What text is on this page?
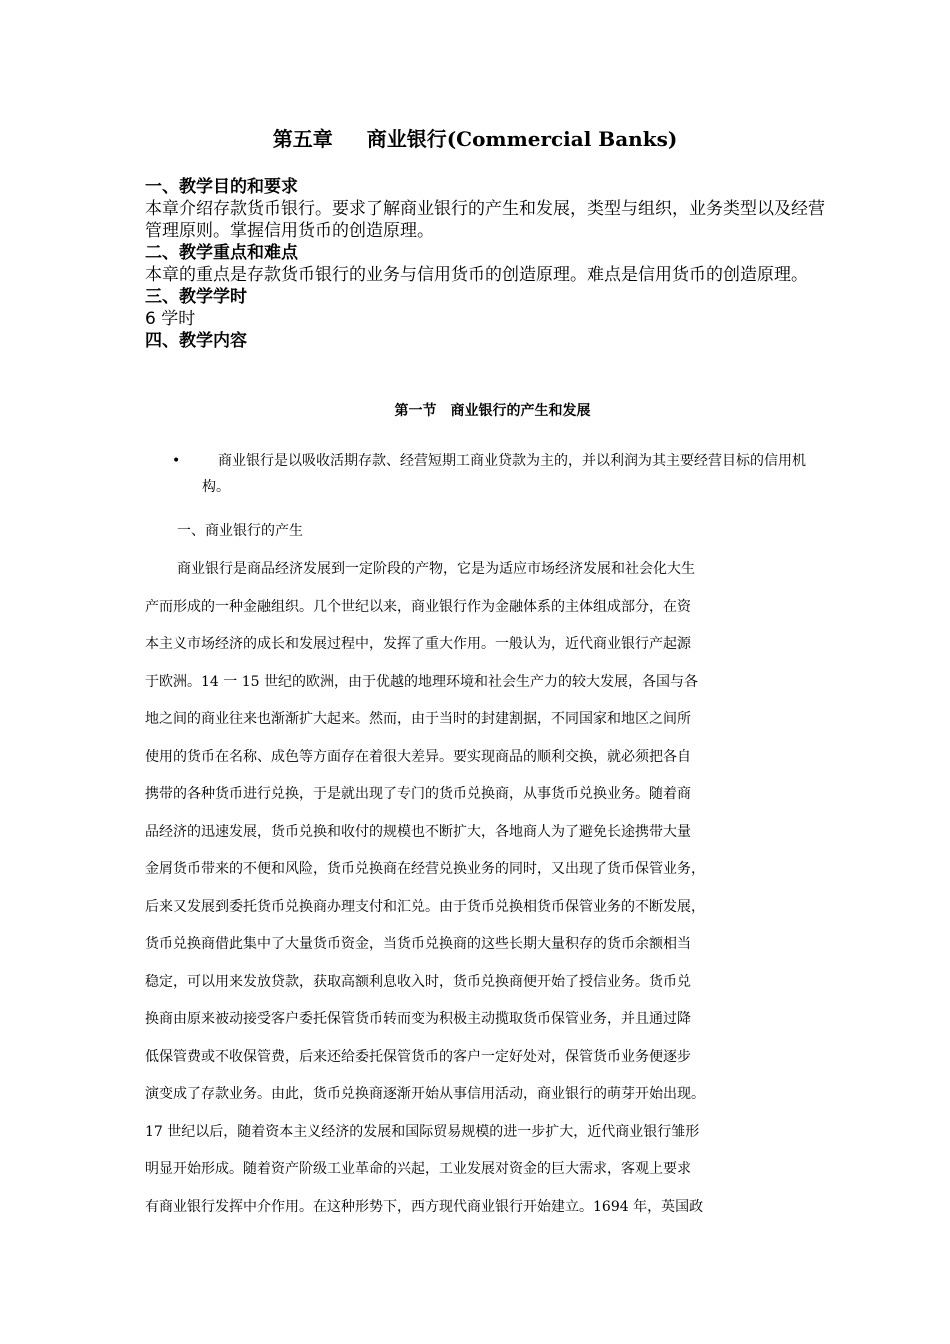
第五章 商业银行(Commercial Banks)

一、教学目的和要求

本章介绍存款货币银行。要求了解商业银行的产生和发展，类型与组织，业务类型以及经营管理原则。掌握信用货币的创造原理。

二、教学重点和难点

本章的重点是存款货币银行的业务与信用货币的创造原理。难点是信用货币的创造原理。

三、教学学时

6 学时

四、教学内容

第一节 商业银行的产生和发展
•	商业银行是以吸收活期存款、经营短期工商业贷款为主的，并以利润为其主要经营目标的信用机构。
一、商业银行的产生
商业银行是商品经济发展到一定阶段的产物，它是为适应市场经济发展和社会化大生
产而形成的一种金融组织。几个世纪以来，商业银行作为金融体系的主体组成部分，在资
本主义市场经济的成长和发展过程中，发挥了重大作用。一般认为，近代商业银行产起源
于欧洲。14 一 15 世纪的欧洲，由于优越的地理环境和社会生产力的较大发展，各国与各
地之间的商业往来也渐渐扩大起来。然而，由于当时的封建割据，不同国家和地区之间所
使用的货币在名称、成色等方面存在着很大差异。要实现商品的顺利交换，就必须把各自
携带的各种货币进行兑换，于是就出现了专门的货币兑换商，从事货币兑换业务。随着商
品经济的迅速发展，货币兑换和收付的规模也不断扩大，各地商人为了避免长途携带大量
金屑货币带来的不便和风险，货币兑换商在经营兑换业务的同时，又出现了货币保管业务，
后来又发展到委托货币兑换商办理支付和汇兑。由于货币兑换相货币保管业务的不断发展，
货币兑换商借此集中了大量货币资金，当货币兑换商的这些长期大量积存的货币余额相当
稳定，可以用来发放贷款，获取高额利息收入时，货币兑换商便开始了授信业务。货币兑
换商由原来被动接受客户委托保管货币转而变为积极主动揽取货币保管业务，并且通过降
低保管费或不收保管费，后来还给委托保管货币的客户一定好处对，保管货币业务便逐步
演变成了存款业务。由此，货币兑换商逐渐开始从事信用活动，商业银行的萌芽开始出现。
17 世纪以后，随着资本主义经济的发展和国际贸易规模的进一步扩大，近代商业银行雏形
明显开始形成。随着资产阶级工业革命的兴起，工业发展对资金的巨大需求，客观上要求
有商业银行发挥中介作用。在这种形势下，西方现代商业银行开始建立。1694 年，英国政
